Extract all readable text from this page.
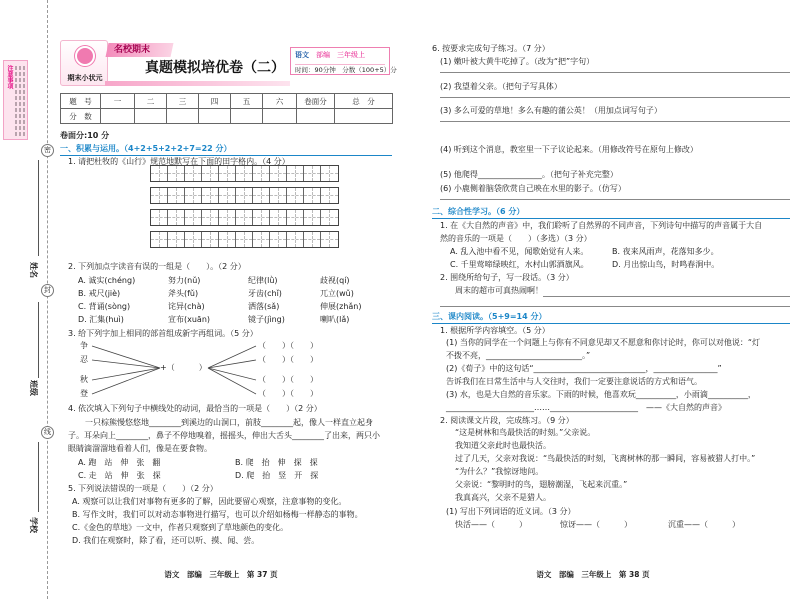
注意事项
姓名
班级
学校
密
封
线
期末小状元
名校期末
真题模拟培优卷（二）
语文　 部编　三年级上
时间：90分钟　 分数（100+5）分
题　号	一	二	三	四	五	六	卷面分	总　分
分　数								
卷面分:10 分
一、积累与运用。（4+2+5+2+2+7=22 分）
1. 请把杜牧的《山行》规范地默写在下面的田字格内。（4 分）
2. 下列加点字读音有误的一组是（　　）。（2 分）
A. 诚实(chéng)	努力(nǔ)	纪律(lǜ)	歧视(qí)
B. 戒尺(jiè)	斧头(fǔ)	牙齿(chǐ)	兀立(wǔ)
C. 背诵(sòng)	诧异(chà)	洒落(sǎ)	伸展(zhǎn)
D. 汇集(huì)	宣布(xuān)	镜子(jìng)	喇叭(lǎ)
3. 给下列字加上相同的部首组成新字再组词。（5 分）
争
忍
秋
登
+（　　　）
（　　）（　　）
（　　）（　　）
（　　）（　　）
（　　）（　　）
4. 依次填入下列句子中横线处的动词，最恰当的一项是（　　）（2 分）
一只棕熊慢悠悠地________到溪边的山洞口，前肢________起，像人一样直立起身
子。耳朵向上________，鼻子不停地嗅着，摇摇头，伸出大舌头________了出来，两只小
眼睛滴溜溜地看着人们，像是在要食物。
A. 跑　站　伸　张　翻	B. 爬　抬　伸　探　探
C. 走　站　伸　张　探	D. 爬　抬　竖　开　探
5. 下列说法错误的一项是（　　）（2 分）
A. 观察可以让我们对事物有更多的了解，因此要留心观察，注意事物的变化。
B. 写作文时，我们可以对动态事物进行描写，也可以介绍如杨梅一样静态的事物。
C.《金色的草地》一文中，作者只观察到了草地颜色的变化。
D. 我们在观察时，除了看，还可以听、摸、闻、尝。
语文　部编　三年级上　第 37 页
6. 按要求完成句子练习。（7 分）
(1) 嫩叶被大黄牛吃掉了。（改为“把”字句）
(2) 我望着父亲。（把句子写具体）
(3) 多么可爱的草地！多么有趣的蒲公英！（用加点词写句子）
(4) 听到这个消息，教室里一下子议论起来。（用修改符号在原句上修改）
(5) 他爬得________________。（把句子补充完整）
(6) 小鹿侧着脑袋欣赏自己映在水里的影子。（仿写）
二、综合性学习。（6 分）
1. 在《大自然的声音》中，我们聆听了自然界的不同声音，下列诗句中描写的声音属于大自
然的音乐的一项是（　　）（多选）（3 分）
A. 乱入池中看不见，闻歌始觉有人来。	B. 夜来风雨声，花落知多少。
C. 千里莺啼绿映红，水村山郭酒旗风。	D. 月出惊山鸟，时鸣春涧中。
2. 围绕所给句子，写一段话。（3 分）
周末的超市可真热闹啊！
三、课内阅读。（5+9=14 分）
1. 根据所学内容填空。（5 分）
(1) 当你的同学在一个问题上与你有不同意见却又不愿意和你讨论时，你可以对他说：“灯
不拨不亮，________________________。”
(2)《荀子》中的这句话“____________________________，________________”
告诉我们在日常生活中与人交往时，我们一定要注意说话的方式和语气。
(3) 水，也是大自然的音乐家。下雨的时候，他喜欢玩__________，小雨滴__________，
______________________……______________________　——《大自然的声音》
2. 阅读课文片段，完成练习。（9 分）
“这是树林和鸟最快活的时刻。”父亲说。
我知道父亲此时也最快活。
过了几天，父亲对我说：“鸟最快活的时刻，飞离树林的那一瞬间，容易被猎人打中。”
“为什么？”我惊讶地问。
父亲说：“黎明时的鸟，翅膀潮湿，飞起来沉重。”
我真高兴，父亲不是猎人。
(1) 写出下列词语的近义词。（3 分）
快活——（　　　）	惊讶——（　　　）	沉重——（　　　）
语文　部编　三年级上　第 38 页
